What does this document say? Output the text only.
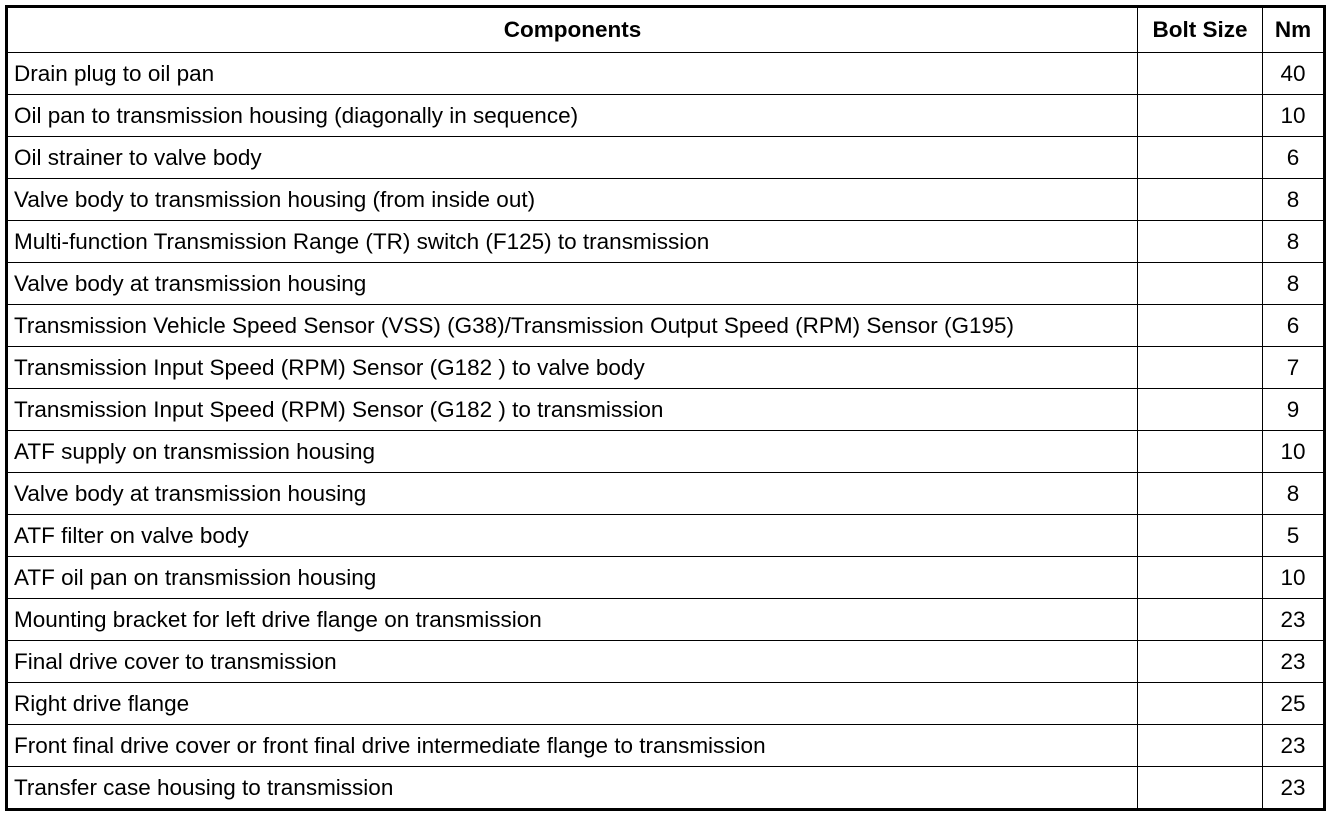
Components	Bolt Size	Nm
Drain plug to oil pan		40
Oil pan to transmission housing (diagonally in sequence)		10
Oil strainer to valve body		6
Valve body to transmission housing (from inside out)		8
Multi-function Transmission Range (TR) switch (F125) to transmission		8
Valve body at transmission housing		8
Transmission Vehicle Speed Sensor (VSS) (G38)/Transmission Output Speed (RPM) Sensor (G195)		6
Transmission Input Speed (RPM) Sensor (G182 ) to valve body		7
Transmission Input Speed (RPM) Sensor (G182 ) to transmission		9
ATF supply on transmission housing		10
Valve body at transmission housing		8
ATF filter on valve body		5
ATF oil pan on transmission housing		10
Mounting bracket for left drive flange on transmission		23
Final drive cover to transmission		23
Right drive flange		25
Front final drive cover or front final drive intermediate flange to transmission		23
Transfer case housing to transmission		23
